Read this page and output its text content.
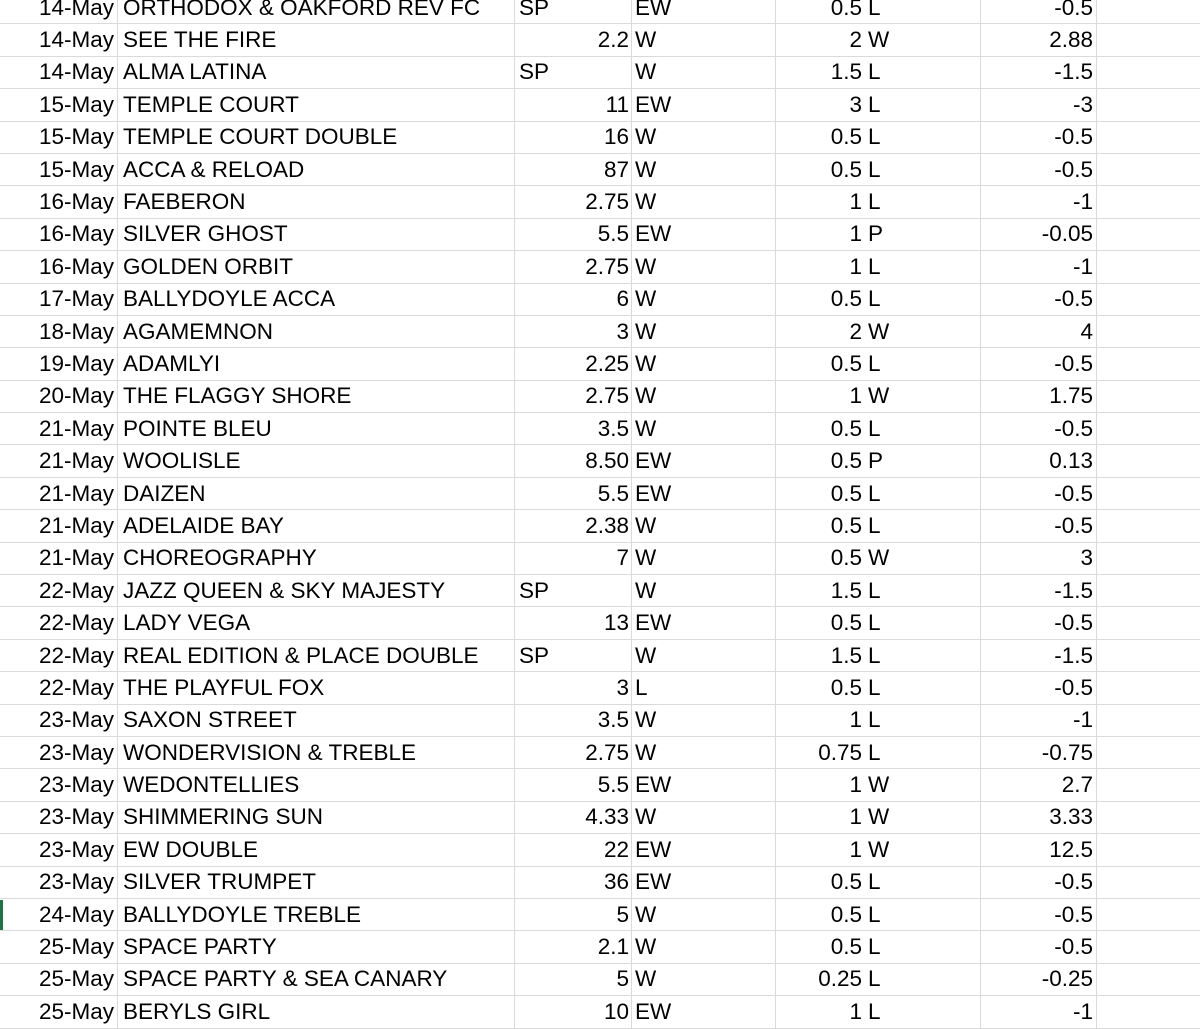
14-May ORTHODOX & OAKFORD REV FC	SP	EW	0.5 L	-0.5
14-May SEE THE FIRE	2.2 W	2 W	2.88
14-May ALMA LATINA	SP	W	1.5 L	-1.5
15-May TEMPLE COURT	11 EW	3 L	-3
15-May TEMPLE COURT DOUBLE	16 W	0.5 L	-0.5
15-May ACCA & RELOAD	87 W	0.5 L	-0.5
16-May FAEBERON	2.75 W	1 L	-1
16-May SILVER GHOST	5.5 EW	1 P	-0.05
16-May GOLDEN ORBIT	2.75 W	1 L	-1
17-May BALLYDOYLE ACCA	6 W	0.5 L	-0.5
18-May AGAMEMNON	3 W	2 W	4
19-May ADAMLYI	2.25 W	0.5 L	-0.5
20-May THE FLAGGY SHORE	2.75 W	1 W	1.75
21-May POINTE BLEU	3.5 W	0.5 L	-0.5
21-May WOOLISLE	8.50 EW	0.5 P	0.13
21-May DAIZEN	5.5 EW	0.5 L	-0.5
21-May ADELAIDE BAY	2.38 W	0.5 L	-0.5
21-May CHOREOGRAPHY	7 W	0.5 W	3
22-May JAZZ QUEEN & SKY MAJESTY	SP	W	1.5 L	-1.5
22-May LADY VEGA	13 EW	0.5 L	-0.5
22-May REAL EDITION & PLACE DOUBLE	SP	W	1.5 L	-1.5
22-May THE PLAYFUL FOX	3 L	0.5 L	-0.5
23-May SAXON STREET	3.5 W	1 L	-1
23-May WONDERVISION & TREBLE	2.75 W	0.75 L	-0.75
23-May WEDONTELLIES	5.5 EW	1 W	2.7
23-May SHIMMERING SUN	4.33 W	1 W	3.33
23-May EW DOUBLE	22 EW	1 W	12.5
23-May SILVER TRUMPET	36 EW	0.5 L	-0.5
24-May BALLYDOYLE TREBLE	5 W	0.5 L	-0.5
25-May SPACE PARTY	2.1 W	0.5 L	-0.5
25-May SPACE PARTY & SEA CANARY	5 W	0.25 L	-0.25
25-May BERYLS GIRL	10 EW	1 L	-1
